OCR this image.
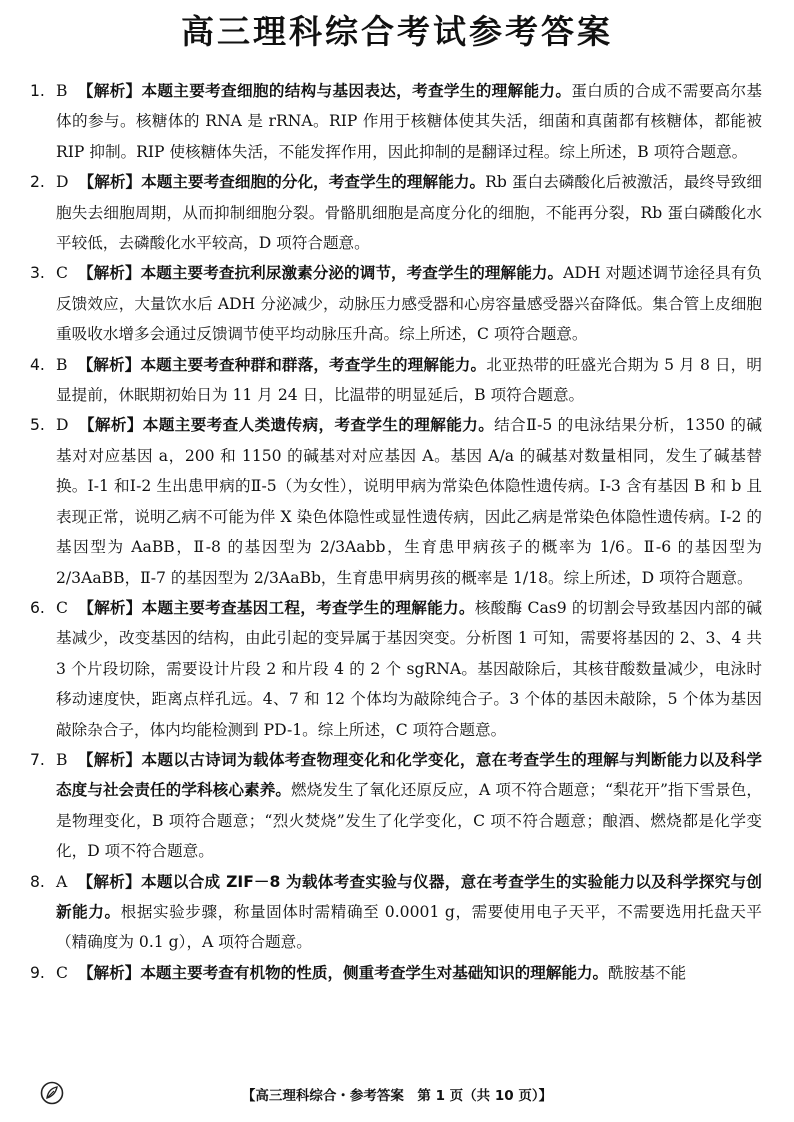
高三理科综合考试参考答案

1. B 【解析】本题主要考查细胞的结构与基因表达，考查学生的理解能力。蛋白质的合成不需要高尔基体的参与。核糖体的 RNA 是 rRNA。RIP 作用于核糖体使其失活，细菌和真菌都有核糖体，都能被 RIP 抑制。RIP 使核糖体失活，不能发挥作用，因此抑制的是翻译过程。综上所述，B 项符合题意。

2. D 【解析】本题主要考查细胞的分化，考查学生的理解能力。Rb 蛋白去磷酸化后被激活，最终导致细胞失去细胞周期，从而抑制细胞分裂。骨骼肌细胞是高度分化的细胞，不能再分裂，Rb 蛋白磷酸化水平较低，去磷酸化水平较高，D 项符合题意。

3. C 【解析】本题主要考查抗利尿激素分泌的调节，考查学生的理解能力。ADH 对题述调节途径具有负反馈效应，大量饮水后 ADH 分泌减少，动脉压力感受器和心房容量感受器兴奋降低。集合管上皮细胞重吸收水增多会通过反馈调节使平均动脉压升高。综上所述，C 项符合题意。

4. B 【解析】本题主要考查种群和群落，考查学生的理解能力。北亚热带的旺盛光合期为 5 月 8 日，明显提前，休眠期初始日为 11 月 24 日，比温带的明显延后，B 项符合题意。

5. D 【解析】本题主要考查人类遗传病，考查学生的理解能力。结合Ⅱ-5 的电泳结果分析，1350 的碱基对对应基因 a，200 和 1150 的碱基对对应基因 A。基因 A/a 的碱基对数量相同，发生了碱基替换。Ⅰ-1 和Ⅰ-2 生出患甲病的Ⅱ-5（为女性），说明甲病为常染色体隐性遗传病。Ⅰ-3 含有基因 B 和 b 且表现正常，说明乙病不可能为伴 X 染色体隐性或显性遗传病，因此乙病是常染色体隐性遗传病。Ⅰ-2 的基因型为 AaBB，Ⅱ-8 的基因型为 2/3Aabb，生育患甲病孩子的概率为 1/6。Ⅱ-6 的基因型为 2/3AaBB，Ⅱ-7 的基因型为 2/3AaBb，生育患甲病男孩的概率是 1/18。综上所述，D 项符合题意。

6. C 【解析】本题主要考查基因工程，考查学生的理解能力。核酸酶 Cas9 的切割会导致基因内部的碱基减少，改变基因的结构，由此引起的变异属于基因突变。分析图 1 可知，需要将基因的 2、3、4 共 3 个片段切除，需要设计片段 2 和片段 4 的 2 个 sgRNA。基因敲除后，其核苷酸数量减少，电泳时移动速度快，距离点样孔远。4、7 和 12 个体均为敲除纯合子。3 个体的基因未敲除，5 个体为基因敲除杂合子，体内均能检测到 PD-1。综上所述，C 项符合题意。

7. B 【解析】本题以古诗词为载体考查物理变化和化学变化，意在考查学生的理解与判断能力以及科学态度与社会责任的学科核心素养。燃烧发生了氧化还原反应，A 项不符合题意；“梨花开”指下雪景色，是物理变化，B 项符合题意；“烈火焚烧”发生了化学变化，C 项不符合题意；酿酒、燃烧都是化学变化，D 项不符合题意。

8. A 【解析】本题以合成 ZIF－8 为载体考查实验与仪器，意在考查学生的实验能力以及科学探究与创新能力。根据实验步骤，称量固体时需精确至 0.0001 g，需要使用电子天平，不需要选用托盘天平（精确度为 0.1 g），A 项符合题意。

9. C 【解析】本题主要考查有机物的性质，侧重考查学生对基础知识的理解能力。酰胺基不能

【高三理科综合・参考答案　第 1 页（共 10 页）】
